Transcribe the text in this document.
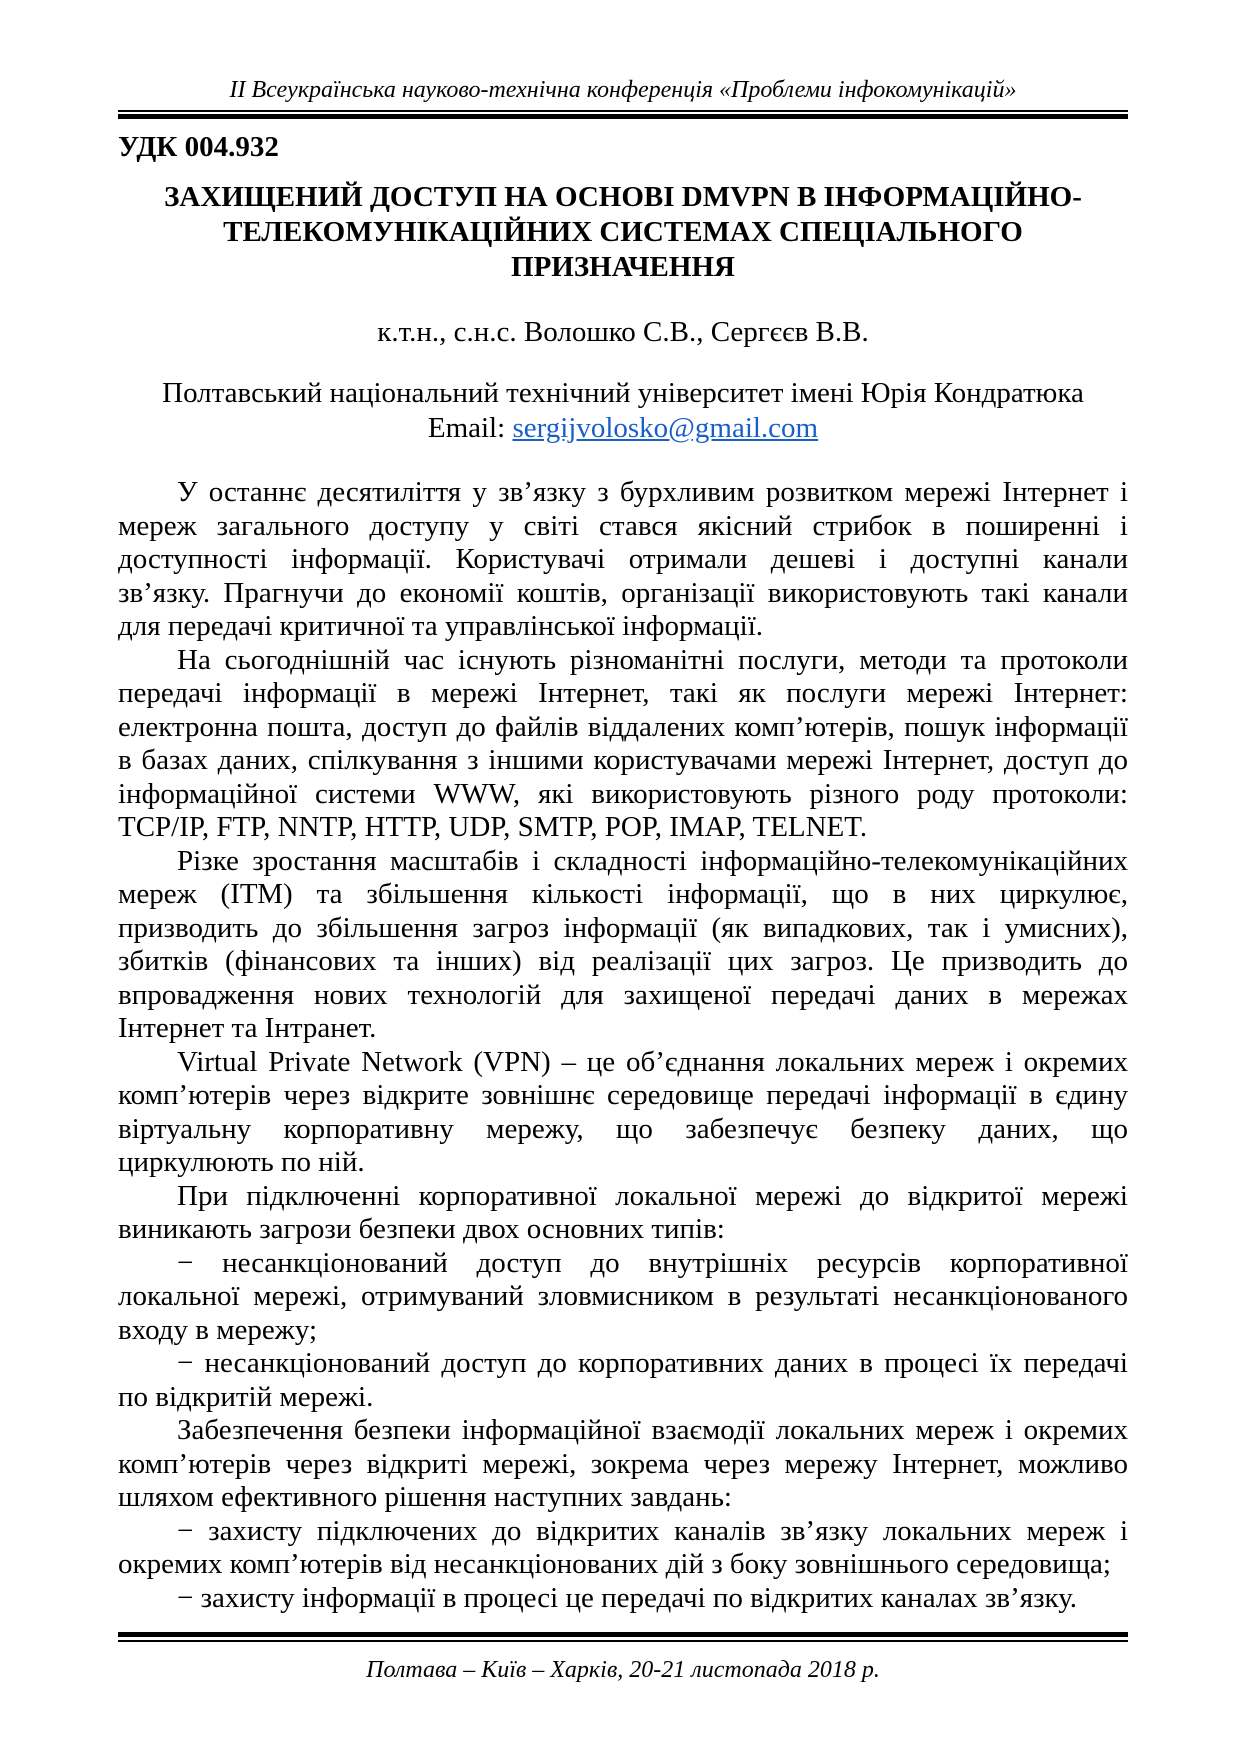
ІІ Всеукраїнська науково-технічна конференція «Проблеми інфокомунікацій»
УДК 004.932
ЗАХИЩЕНИЙ ДОСТУП НА ОСНОВІ DMVPN В ІНФОРМАЦІЙНО-
ТЕЛЕКОМУНІКАЦІЙНИХ СИСТЕМАХ СПЕЦІАЛЬНОГО
ПРИЗНАЧЕННЯ
к.т.н., с.н.с. Волошко С.В., Сергєєв В.В.
Полтавський національний технічний університет імені Юрія Кондратюка
Email: sergijvolosko@gmail.com
У останнє десятиліття у зв’язку з бурхливим розвитком мережі Інтернет і
мереж загального доступу у світі стався якісний стрибок в поширенні і
доступності інформації. Користувачі отримали дешеві і доступні канали
зв’язку. Прагнучи до економії коштів, організації використовують такі канали
для передачі критичної та управлінської інформації.
На сьогоднішній час існують різноманітні послуги, методи та протоколи
передачі інформації в мережі Інтернет, такі як послуги мережі Інтернет:
електронна пошта, доступ до файлів віддалених комп’ютерів, пошук інформації
в базах даних, спілкування з іншими користувачами мережі Інтернет, доступ до
інформаційної системи WWW, які використовують різного роду протоколи:
TCP/IP, FTP, NNTP, HTTP, UDP, SMTP, POP, IMAP, TELNET.
Різке зростання масштабів і складності інформаційно-телекомунікаційних
мереж (ІТМ) та збільшення кількості інформації, що в них циркулює,
призводить до збільшення загроз інформації (як випадкових, так і умисних),
збитків (фінансових та інших) від реалізації цих загроз. Це призводить до
впровадження нових технологій для захищеної передачі даних в мережах
Інтернет та Інтранет.
Virtual Private Network (VPN) – це об’єднання локальних мереж і окремих
комп’ютерів через відкрите зовнішнє середовище передачі інформації в єдину
віртуальну корпоративну мережу, що забезпечує безпеку даних, що
циркулюють по ній.
При підключенні корпоративної локальної мережі до відкритої мережі
виникають загрози безпеки двох основних типів:
− несанкціонований доступ до внутрішніх ресурсів корпоративної
локальної мережі, отримуваний зловмисником в результаті несанкціонованого
входу в мережу;
− несанкціонований доступ до корпоративних даних в процесі їх передачі
по відкритій мережі.
Забезпечення безпеки інформаційної взаємодії локальних мереж і окремих
комп’ютерів через відкриті мережі, зокрема через мережу Інтернет, можливо
шляхом ефективного рішення наступних завдань:
− захисту підключених до відкритих каналів зв’язку локальних мереж і
окремих комп’ютерів від несанкціонованих дій з боку зовнішнього середовища;
− захисту інформації в процесі це передачі по відкритих каналах зв’язку.
Полтава – Київ – Харків, 20-21 листопада 2018 р.
